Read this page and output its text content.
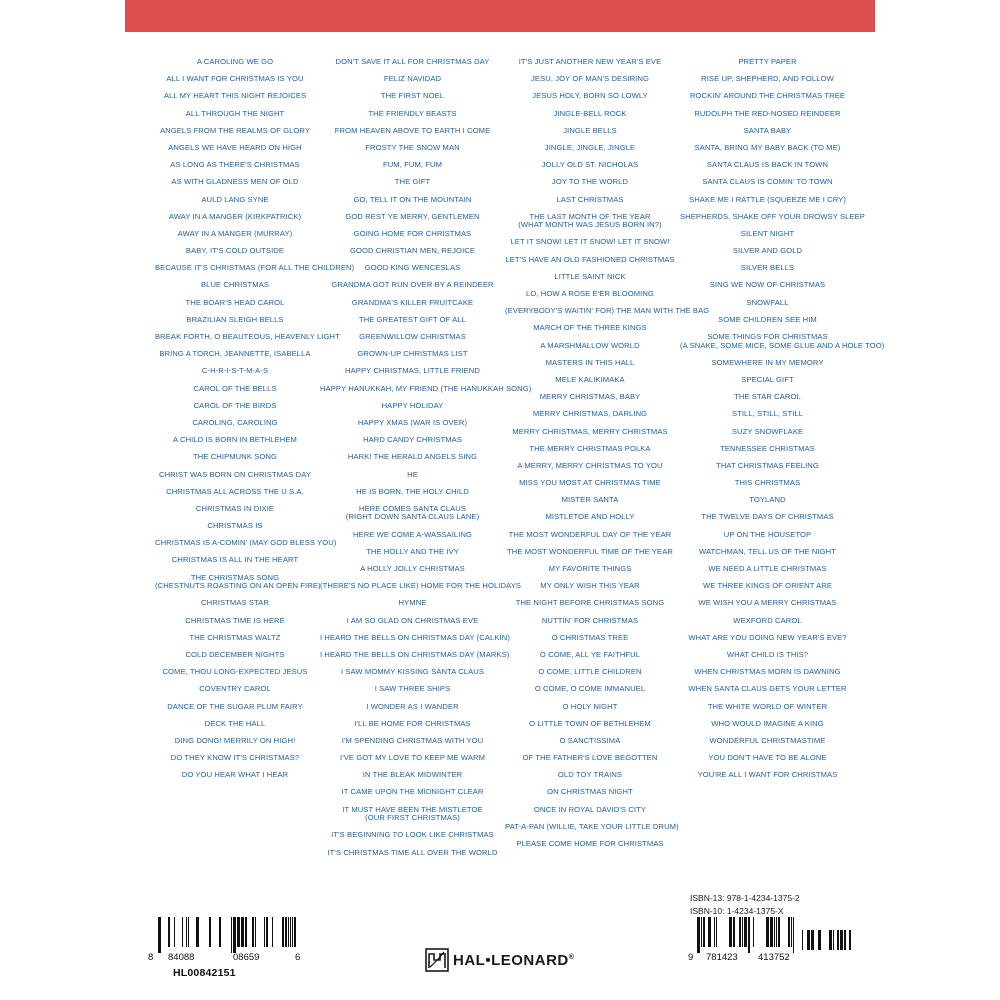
A CAROLING WE GO
ALL I WANT FOR CHRISTMAS IS YOU
ALL MY HEART THIS NIGHT REJOICES
ALL THROUGH THE NIGHT
ANGELS FROM THE REALMS OF GLORY
ANGELS WE HAVE HEARD ON HIGH
AS LONG AS THERE'S CHRISTMAS
AS WITH GLADNESS MEN OF OLD
AULD LANG SYNE
AWAY IN A MANGER (KIRKPATRICK)
AWAY IN A MANGER (MURRAY)
BABY, IT'S COLD OUTSIDE
BECAUSE IT'S CHRISTMAS (FOR ALL THE CHILDREN)
BLUE CHRISTMAS
THE BOAR'S HEAD CAROL
BRAZILIAN SLEIGH BELLS
BREAK FORTH, O BEAUTEOUS, HEAVENLY LIGHT
BRING A TORCH, JEANNETTE, ISABELLA
C-H-R-I-S-T-M-A-S
CAROL OF THE BELLS
CAROL OF THE BIRDS
CAROLING, CAROLING
A CHILD IS BORN IN BETHLEHEM
THE CHIPMUNK SONG
CHRIST WAS BORN ON CHRISTMAS DAY
CHRISTMAS ALL ACROSS THE U.S.A.
CHRISTMAS IN DIXIE
CHRISTMAS IS
CHRISTMAS IS A-COMIN' (MAY GOD BLESS YOU)
CHRISTMAS IS ALL IN THE HEART
THE CHRISTMAS SONG
(CHESTNUTS ROASTING ON AN OPEN FIRE)
CHRISTMAS STAR
CHRISTMAS TIME IS HERE
THE CHRISTMAS WALTZ
COLD DECEMBER NIGHTS
COME, THOU LONG-EXPECTED JESUS
COVENTRY CAROL
DANCE OF THE SUGAR PLUM FAIRY
DECK THE HALL
DING DONG! MERRILY ON HIGH!
DO THEY KNOW IT'S CHRISTMAS?
DO YOU HEAR WHAT I HEAR
DON'T SAVE IT ALL FOR CHRISTMAS DAY
FELIZ NAVIDAD
THE FIRST NOEL
THE FRIENDLY BEASTS
FROM HEAVEN ABOVE TO EARTH I COME
FROSTY THE SNOW MAN
FUM, FUM, FUM
THE GIFT
GO, TELL IT ON THE MOUNTAIN
GOD REST YE MERRY, GENTLEMEN
GOING HOME FOR CHRISTMAS
GOOD CHRISTIAN MEN, REJOICE
GOOD KING WENCESLAS
GRANDMA GOT RUN OVER BY A REINDEER
GRANDMA'S KILLER FRUITCAKE
THE GREATEST GIFT OF ALL
GREENWILLOW CHRISTMAS
GROWN-UP CHRISTMAS LIST
HAPPY CHRISTMAS, LITTLE FRIEND
HAPPY HANUKKAH, MY FRIEND (THE HANUKKAH SONG)
HAPPY HOLIDAY
HAPPY XMAS (WAR IS OVER)
HARD CANDY CHRISTMAS
HARK! THE HERALD ANGELS SING
HE
HE IS BORN, THE HOLY CHILD
HERE COMES SANTA CLAUS
(RIGHT DOWN SANTA CLAUS LANE)
HERE WE COME A-WASSAILING
THE HOLLY AND THE IVY
A HOLLY JOLLY CHRISTMAS
(THERE'S NO PLACE LIKE) HOME FOR THE HOLIDAYS
HYMNE
I AM SO GLAD ON CHRISTMAS EVE
I HEARD THE BELLS ON CHRISTMAS DAY (CALKIN)
I HEARD THE BELLS ON CHRISTMAS DAY (MARKS)
I SAW MOMMY KISSING SANTA CLAUS
I SAW THREE SHIPS
I WONDER AS I WANDER
I'LL BE HOME FOR CHRISTMAS
I'M SPENDING CHRISTMAS WITH YOU
I'VE GOT MY LOVE TO KEEP ME WARM
IN THE BLEAK MIDWINTER
IT CAME UPON THE MIDNIGHT CLEAR
IT MUST HAVE BEEN THE MISTLETOE
(OUR FIRST CHRISTMAS)
IT'S BEGINNING TO LOOK LIKE CHRISTMAS
IT'S CHRISTMAS TIME ALL OVER THE WORLD
IT'S JUST ANOTHER NEW YEAR'S EVE
JESU, JOY OF MAN'S DESIRING
JESUS HOLY, BORN SO LOWLY
JINGLE-BELL ROCK
JINGLE BELLS
JINGLE, JINGLE, JINGLE
JOLLY OLD ST. NICHOLAS
JOY TO THE WORLD
LAST CHRISTMAS
THE LAST MONTH OF THE YEAR
(WHAT MONTH WAS JESUS BORN IN?)
LET IT SNOW! LET IT SNOW! LET IT SNOW!
LET'S HAVE AN OLD FASHIONED CHRISTMAS
LITTLE SAINT NICK
LO, HOW A ROSE E'ER BLOOMING
(EVERYBODY'S WAITIN' FOR) THE MAN WITH THE BAG
MARCH OF THE THREE KINGS
A MARSHMALLOW WORLD
MASTERS IN THIS HALL
MELE KALIKIMAKA
MERRY CHRISTMAS, BABY
MERRY CHRISTMAS, DARLING
MERRY CHRISTMAS, MERRY CHRISTMAS
THE MERRY CHRISTMAS POLKA
A MERRY, MERRY CHRISTMAS TO YOU
MISS YOU MOST AT CHRISTMAS TIME
MISTER SANTA
MISTLETOE AND HOLLY
THE MOST WONDERFUL DAY OF THE YEAR
THE MOST WONDERFUL TIME OF THE YEAR
MY FAVORITE THINGS
MY ONLY WISH THIS YEAR
THE NIGHT BEFORE CHRISTMAS SONG
NUTTIN' FOR CHRISTMAS
O CHRISTMAS TREE
O COME, ALL YE FAITHFUL
O COME, LITTLE CHILDREN
O COME, O COME IMMANUEL
O HOLY NIGHT
O LITTLE TOWN OF BETHLEHEM
O SANCTISSIMA
OF THE FATHER'S LOVE BEGOTTEN
OLD TOY TRAINS
ON CHRISTMAS NIGHT
ONCE IN ROYAL DAVID'S CITY
PAT-A-PAN (WILLIE, TAKE YOUR LITTLE DRUM)
PLEASE COME HOME FOR CHRISTMAS
PRETTY PAPER
RISE UP, SHEPHERD, AND FOLLOW
ROCKIN' AROUND THE CHRISTMAS TREE
RUDOLPH THE RED-NOSED REINDEER
SANTA BABY
SANTA, BRING MY BABY BACK (TO ME)
SANTA CLAUS IS BACK IN TOWN
SANTA CLAUS IS COMIN' TO TOWN
SHAKE ME I RATTLE (SQUEEZE ME I CRY)
SHEPHERDS, SHAKE OFF YOUR DROWSY SLEEP
SILENT NIGHT
SILVER AND GOLD
SILVER BELLS
SING WE NOW OF CHRISTMAS
SNOWFALL
SOME CHILDREN SEE HIM
SOME THINGS FOR CHRISTMAS
(A SNAKE, SOME MICE, SOME GLUE AND A HOLE TOO)
SOMEWHERE IN MY MEMORY
SPECIAL GIFT
THE STAR CAROL
STILL, STILL, STILL
SUZY SNOWFLAKE
TENNESSEE CHRISTMAS
THAT CHRISTMAS FEELING
THIS CHRISTMAS
TOYLAND
THE TWELVE DAYS OF CHRISTMAS
UP ON THE HOUSETOP
WATCHMAN, TELL US OF THE NIGHT
WE NEED A LITTLE CHRISTMAS
WE THREE KINGS OF ORIENT ARE
WE WISH YOU A MERRY CHRISTMAS
WEXFORD CAROL
WHAT ARE YOU DOING NEW YEAR'S EVE?
WHAT CHILD IS THIS?
WHEN CHRISTMAS MORN IS DAWNING
WHEN SANTA CLAUS GETS YOUR LETTER
THE WHITE WORLD OF WINTER
WHO WOULD IMAGINE A KING
WONDERFUL CHRISTMASTIME
YOU DON'T HAVE TO BE ALONE
YOU'RE ALL I WANT FOR CHRISTMAS
8 84088	08659	6
HL00842151
HAL•LEONARD®
ISBN-13: 978-1-4234-1375-2
ISBN-10: 1-4234-1375-X
9 781423 413752
